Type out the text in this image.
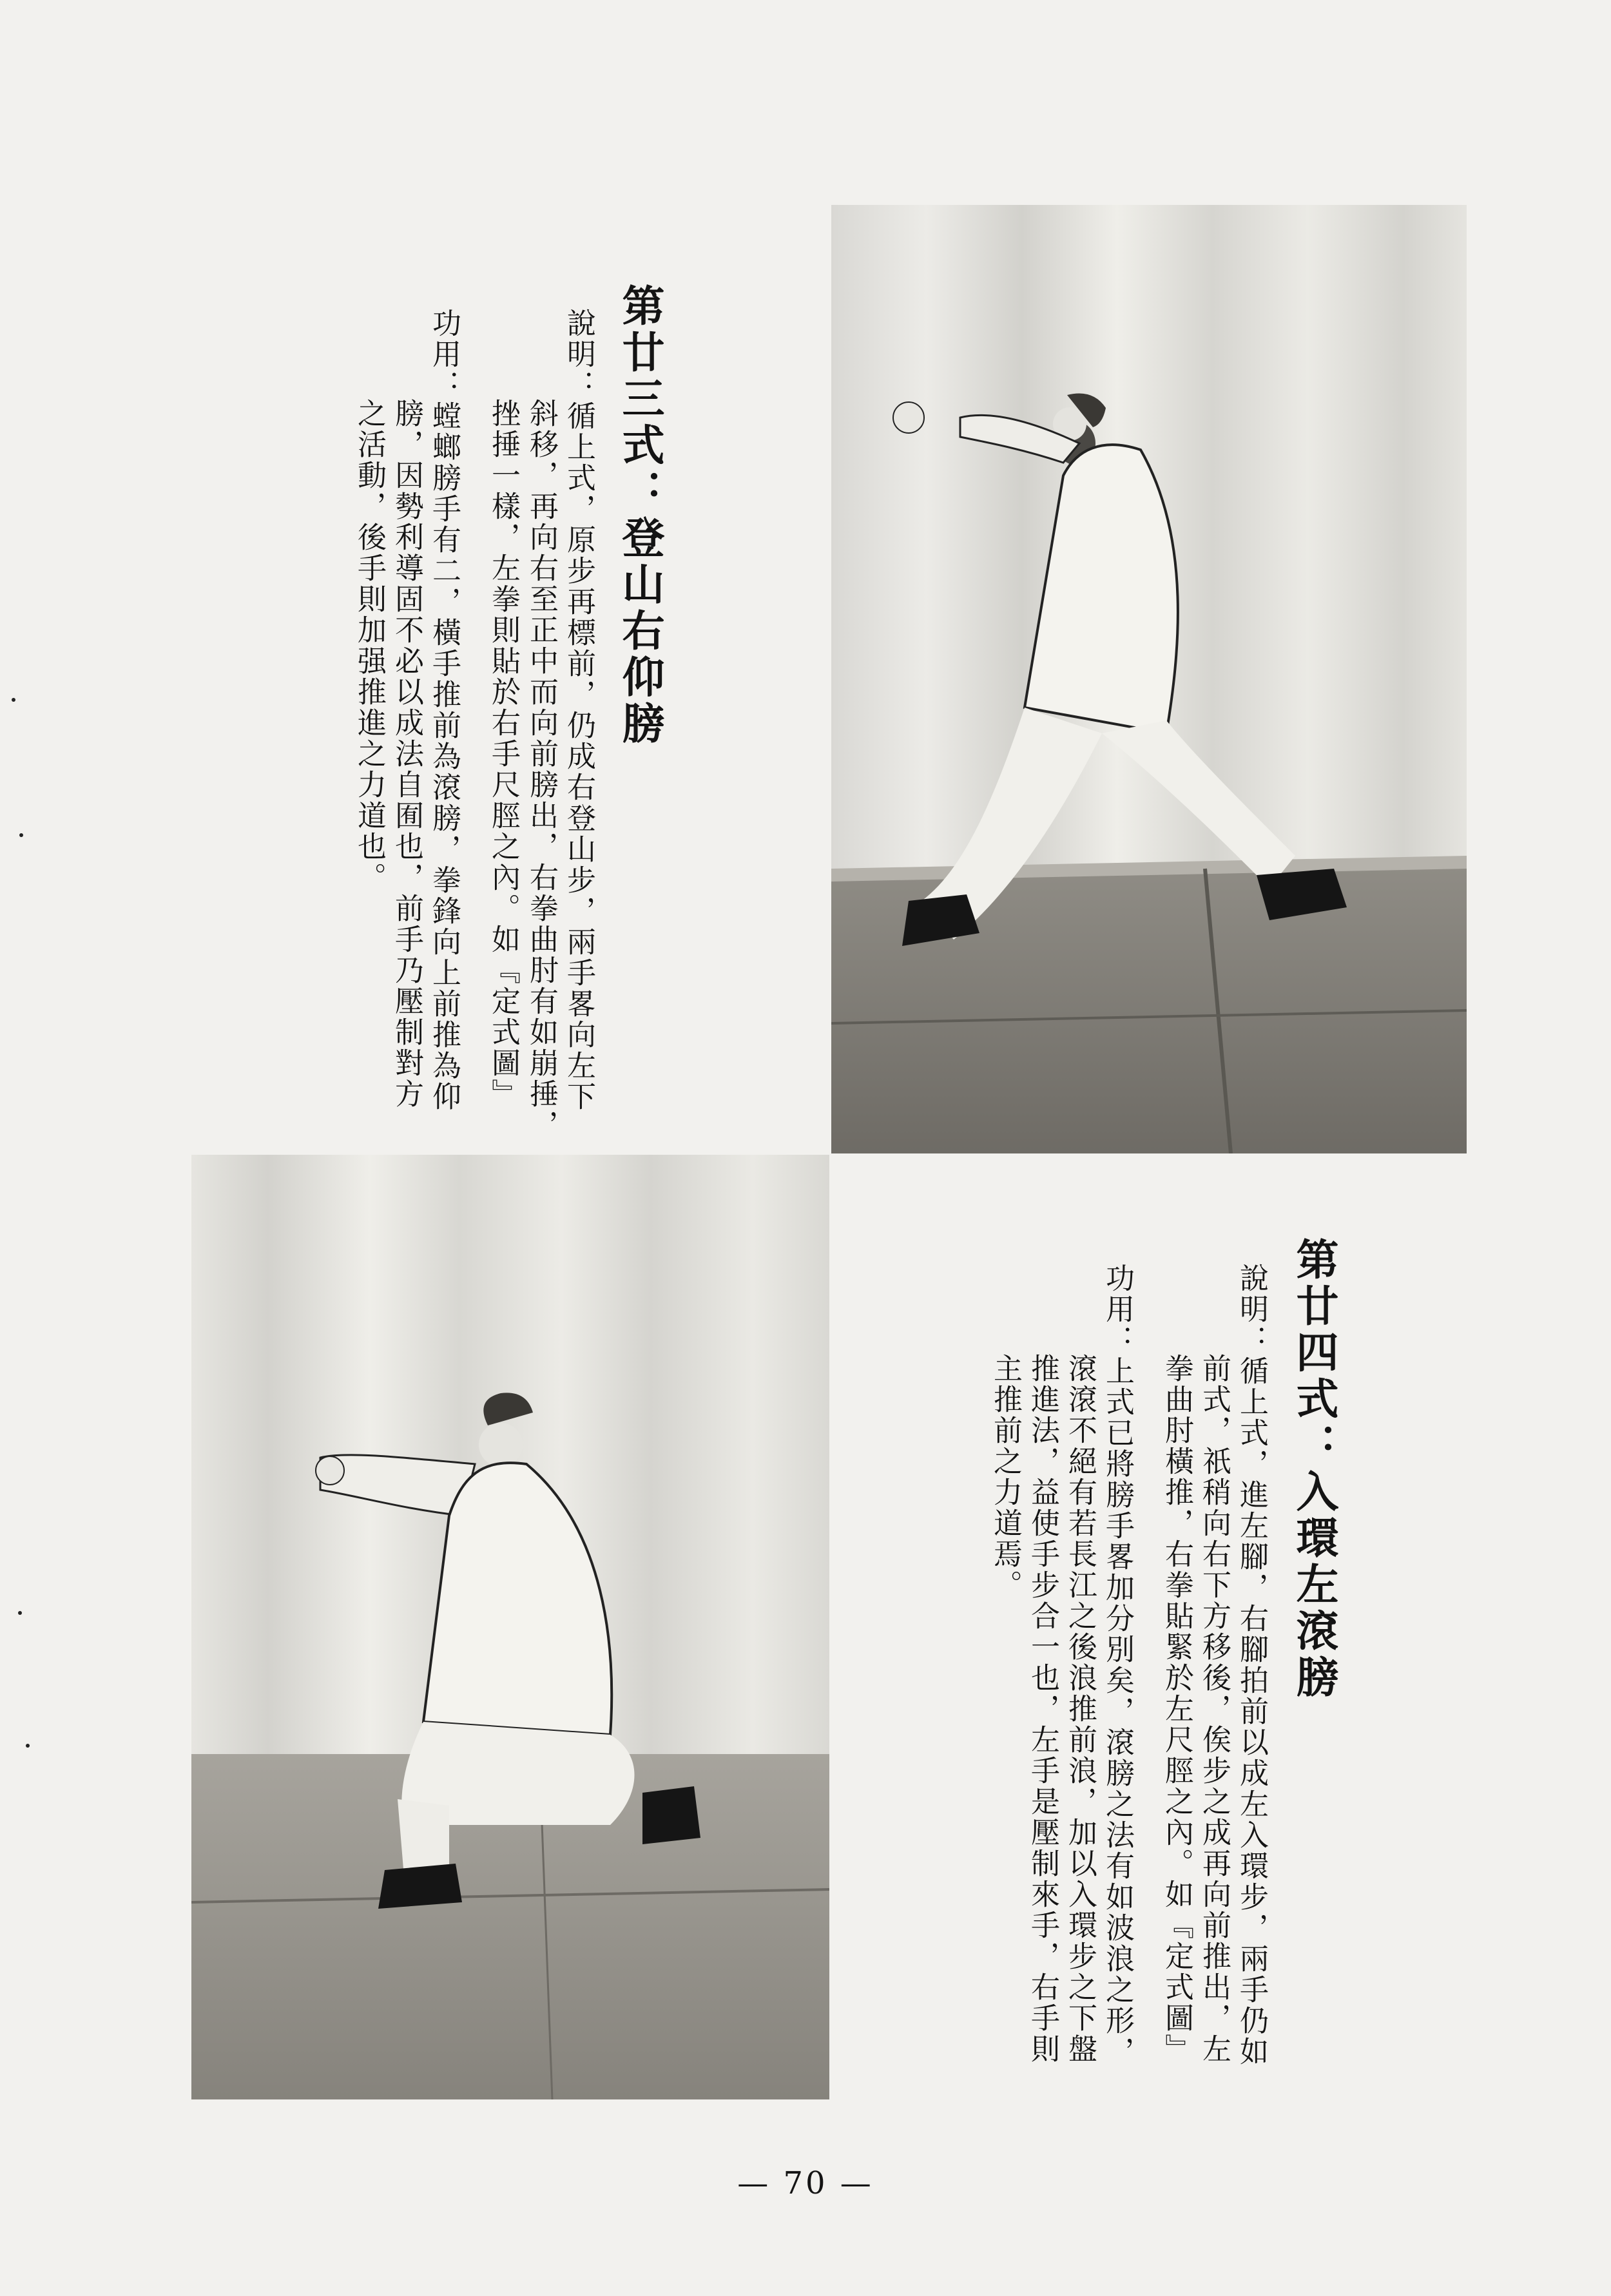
第廿三式：登山右仰膀
說明：循上式，原步再標前，仍成右登山步，兩手畧向左下
斜移，再向右至正中而向前膀出，右拳曲肘有如崩捶，
挫捶一樣，左拳則貼於右手尺脛之內。如『定式圖』
功用：螳螂膀手有二，橫手推前為滾膀，拳鋒向上前推為仰
膀，因勢利導固不必以成法自囿也，前手乃壓制對方
之活動，後手則加强推進之力道也。
第廿四式：入環左滾膀
說明：循上式，進左腳，右腳拍前以成左入環步，兩手仍如
前式，祇稍向右下方移後，俟步之成再向前推出，左
拳曲肘橫推，右拳貼緊於左尺脛之內。如『定式圖』
功用：上式已將膀手畧加分別矣，滾膀之法有如波浪之形，
滾滾不絕有若長江之後浪推前浪，加以入環步之下盤
推進法，益使手步合一也，左手是壓制來手，右手則
主推前之力道焉。
— 70 —
